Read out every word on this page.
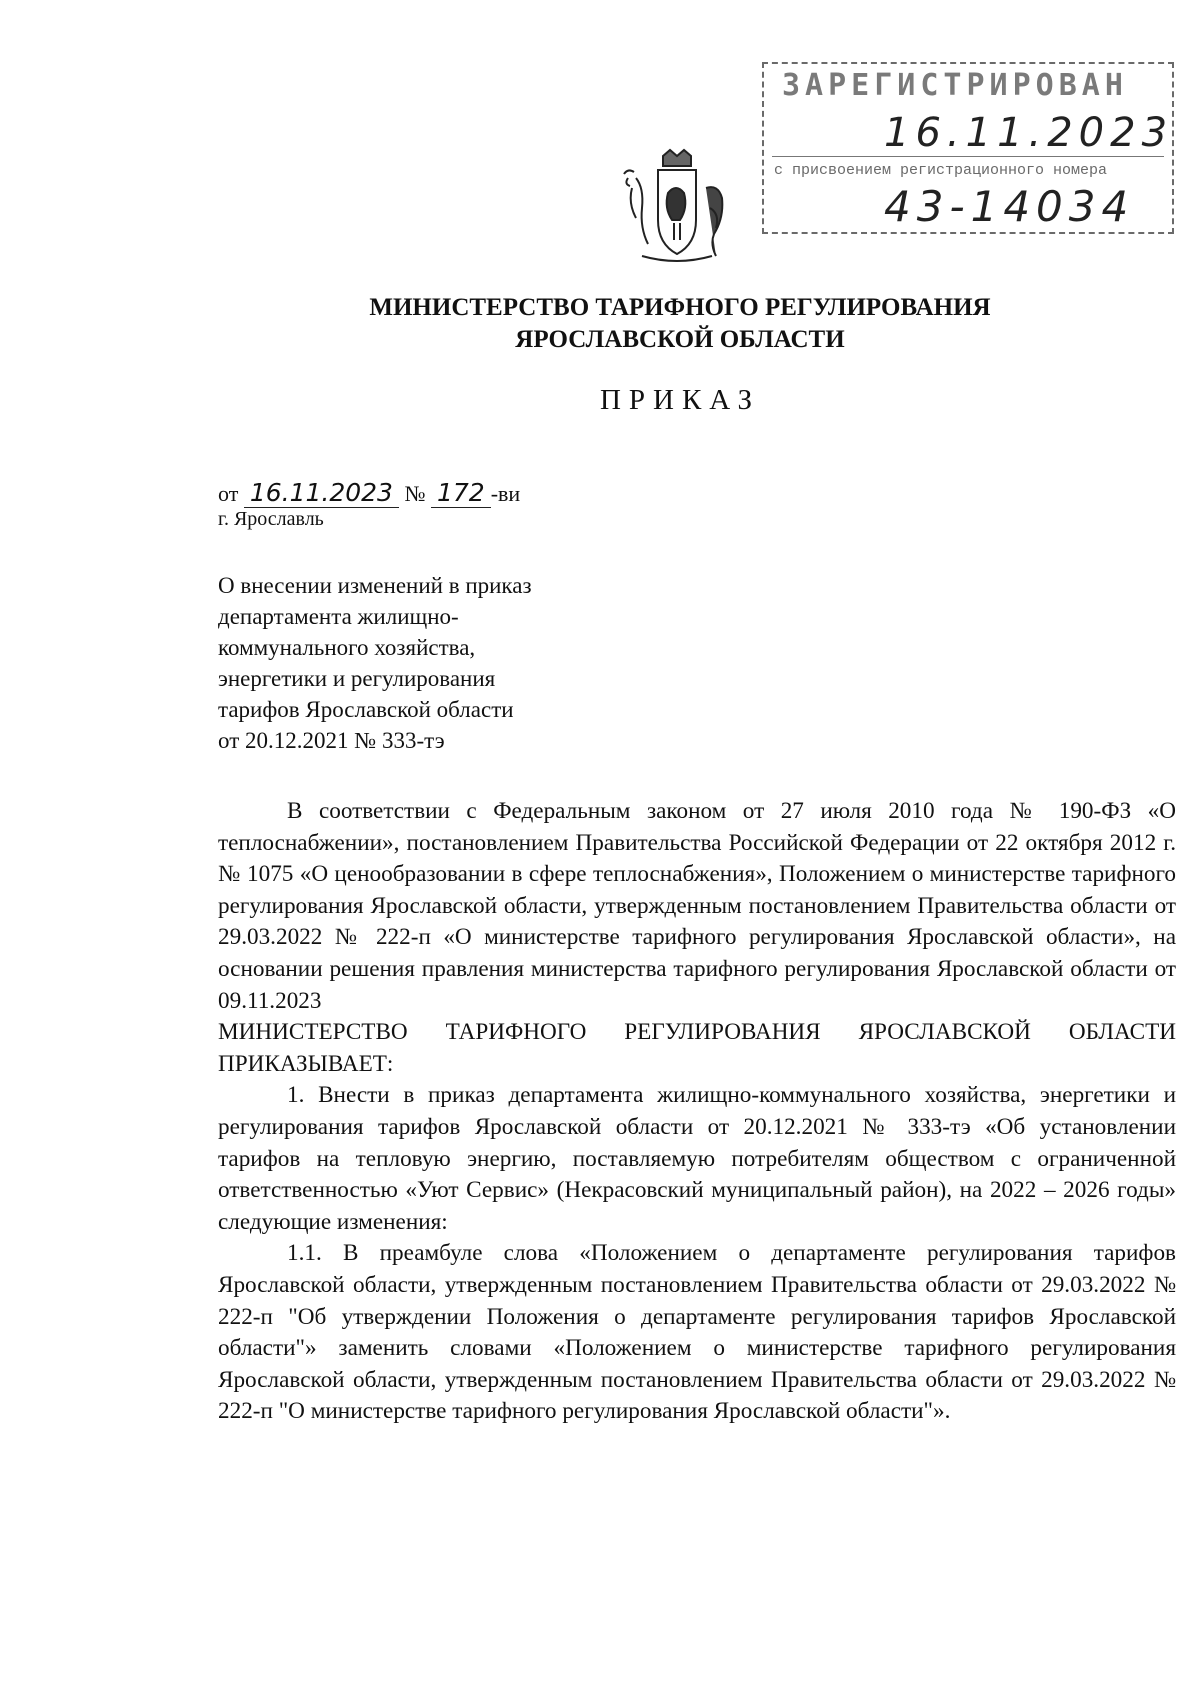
ЗАРЕГИСТРИРОВАН
16.11.2023
с присвоением регистрационного номера
43-14034
МИНИСТЕРСТВО ТАРИФНОГО РЕГУЛИРОВАНИЯ
ЯРОСЛАВСКОЙ ОБЛАСТИ
ПРИКАЗ
от 16.11.2023 № 172 -ви
г. Ярославль
О внесении изменений в приказ
департамента жилищно-
коммунального хозяйства,
энергетики и регулирования
тарифов Ярославской области
от 20.12.2021 № 333-тэ

В соответствии с Федеральным законом от 27 июля 2010 года № 190-ФЗ «О теплоснабжении», постановлением Правительства Российской Федерации от 22 октября 2012 г. № 1075 «О ценообразовании в сфере теплоснабжения», Положением о министерстве тарифного регулирования Ярославской области, утвержденным постановлением Правительства области от 29.03.2022 № 222-п «О министерстве тарифного регулирования Ярославской области», на основании решения правления министерства тарифного регулирования Ярославской области от 09.11.2023

МИНИСТЕРСТВО ТАРИФНОГО РЕГУЛИРОВАНИЯ ЯРОСЛАВСКОЙ ОБЛАСТИ ПРИКАЗЫВАЕТ:

1. Внести в приказ департамента жилищно-коммунального хозяйства, энергетики и регулирования тарифов Ярославской области от 20.12.2021 № 333-тэ «Об установлении тарифов на тепловую энергию, поставляемую потребителям обществом с ограниченной ответственностью «Уют Сервис» (Некрасовский муниципальный район), на 2022 – 2026 годы» следующие изменения:

1.1. В преамбуле слова «Положением о департаменте регулирования тарифов Ярославской области, утвержденным постановлением Правительства области от 29.03.2022 № 222-п "Об утверждении Положения о департаменте регулирования тарифов Ярославской области"» заменить словами «Положением о министерстве тарифного регулирования Ярославской области, утвержденным постановлением Правительства области от 29.03.2022 № 222-п "О министерстве тарифного регулирования Ярославской области"».
